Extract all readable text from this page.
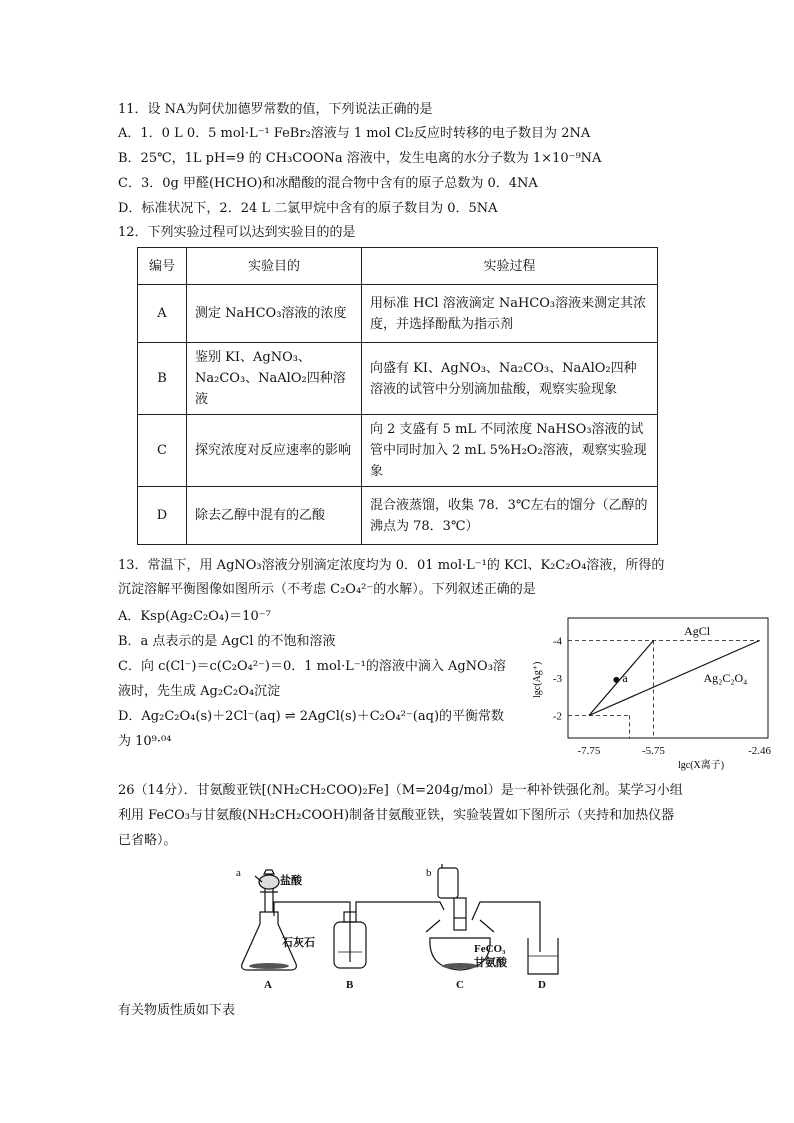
11．设 NA为阿伏加德罗常数的值，下列说法正确的是
A．1．0 L 0．5 mol·L⁻¹ FeBr₂溶液与 1 mol Cl₂反应时转移的电子数目为 2NA
B．25℃，1L pH=9 的 CH₃COONa 溶液中，发生电离的水分子数为 1×10⁻⁹NA
C．3．0g 甲醛(HCHO)和冰醋酸的混合物中含有的原子总数为 0．4NA
D．标准状况下，2．24 L 二氯甲烷中含有的原子数目为 0．5NA
12．下列实验过程可以达到实验目的的是
编号	实验目的	实验过程
A	测定 NaHCO₃溶液的浓度	用标准 HCl 溶液滴定 NaHCO₃溶液来测定其浓度，并选择酚酞为指示剂
B	鉴别 KI、AgNO₃、Na₂CO₃、NaAlO₂四种溶液	向盛有 KI、AgNO₃、Na₂CO₃、NaAlO₂四种溶液的试管中分别滴加盐酸，观察实验现象
C	探究浓度对反应速率的影响	向 2 支盛有 5 mL 不同浓度 NaHSO₃溶液的试管中同时加入 2 mL 5%H₂O₂溶液，观察实验现象
D	除去乙醇中混有的乙酸	混合液蒸馏，收集 78．3℃左右的馏分（乙醇的沸点为 78．3℃）
13．常温下，用 AgNO₃溶液分别滴定浓度均为 0．01 mol·L⁻¹的 KCl、K₂C₂O₄溶液，所得的
沉淀溶解平衡图像如图所示（不考虑 C₂O₄²⁻的水解）。下列叙述正确的是
A．Ksp(Ag₂C₂O₄)＝10⁻⁷
B．a 点表示的是 AgCl 的不饱和溶液
C．向 c(Cl⁻)＝c(C₂O₄²⁻)＝0．1 mol·L⁻¹的溶液中滴入 AgNO₃溶
液时，先生成 Ag₂C₂O₄沉淀
D．Ag₂C₂O₄(s)＋2Cl⁻(aq) ⇌ 2AgCl(s)＋C₂O₄²⁻(aq)的平衡常数
为 10⁹·⁰⁴
-4
-3
-2
-7.75	-5.75	-2.46
AgCl
Ag₂C₂O₄
a
lgc(Ag⁺)
lgc(X离子)
26（14分）．甘氨酸亚铁[(NH₂CH₂COO)₂Fe]（M=204g/mol）是一种补铁强化剂。某学习小组
利用 FeCO₃与甘氨酸(NH₂CH₂COOH)制备甘氨酸亚铁，实验装置如下图所示（夹持和加热仪器
已省略）。
a
盐酸
石灰石
b
FeCO₃
甘氨酸
A	B	C	D
有关物质性质如下表
